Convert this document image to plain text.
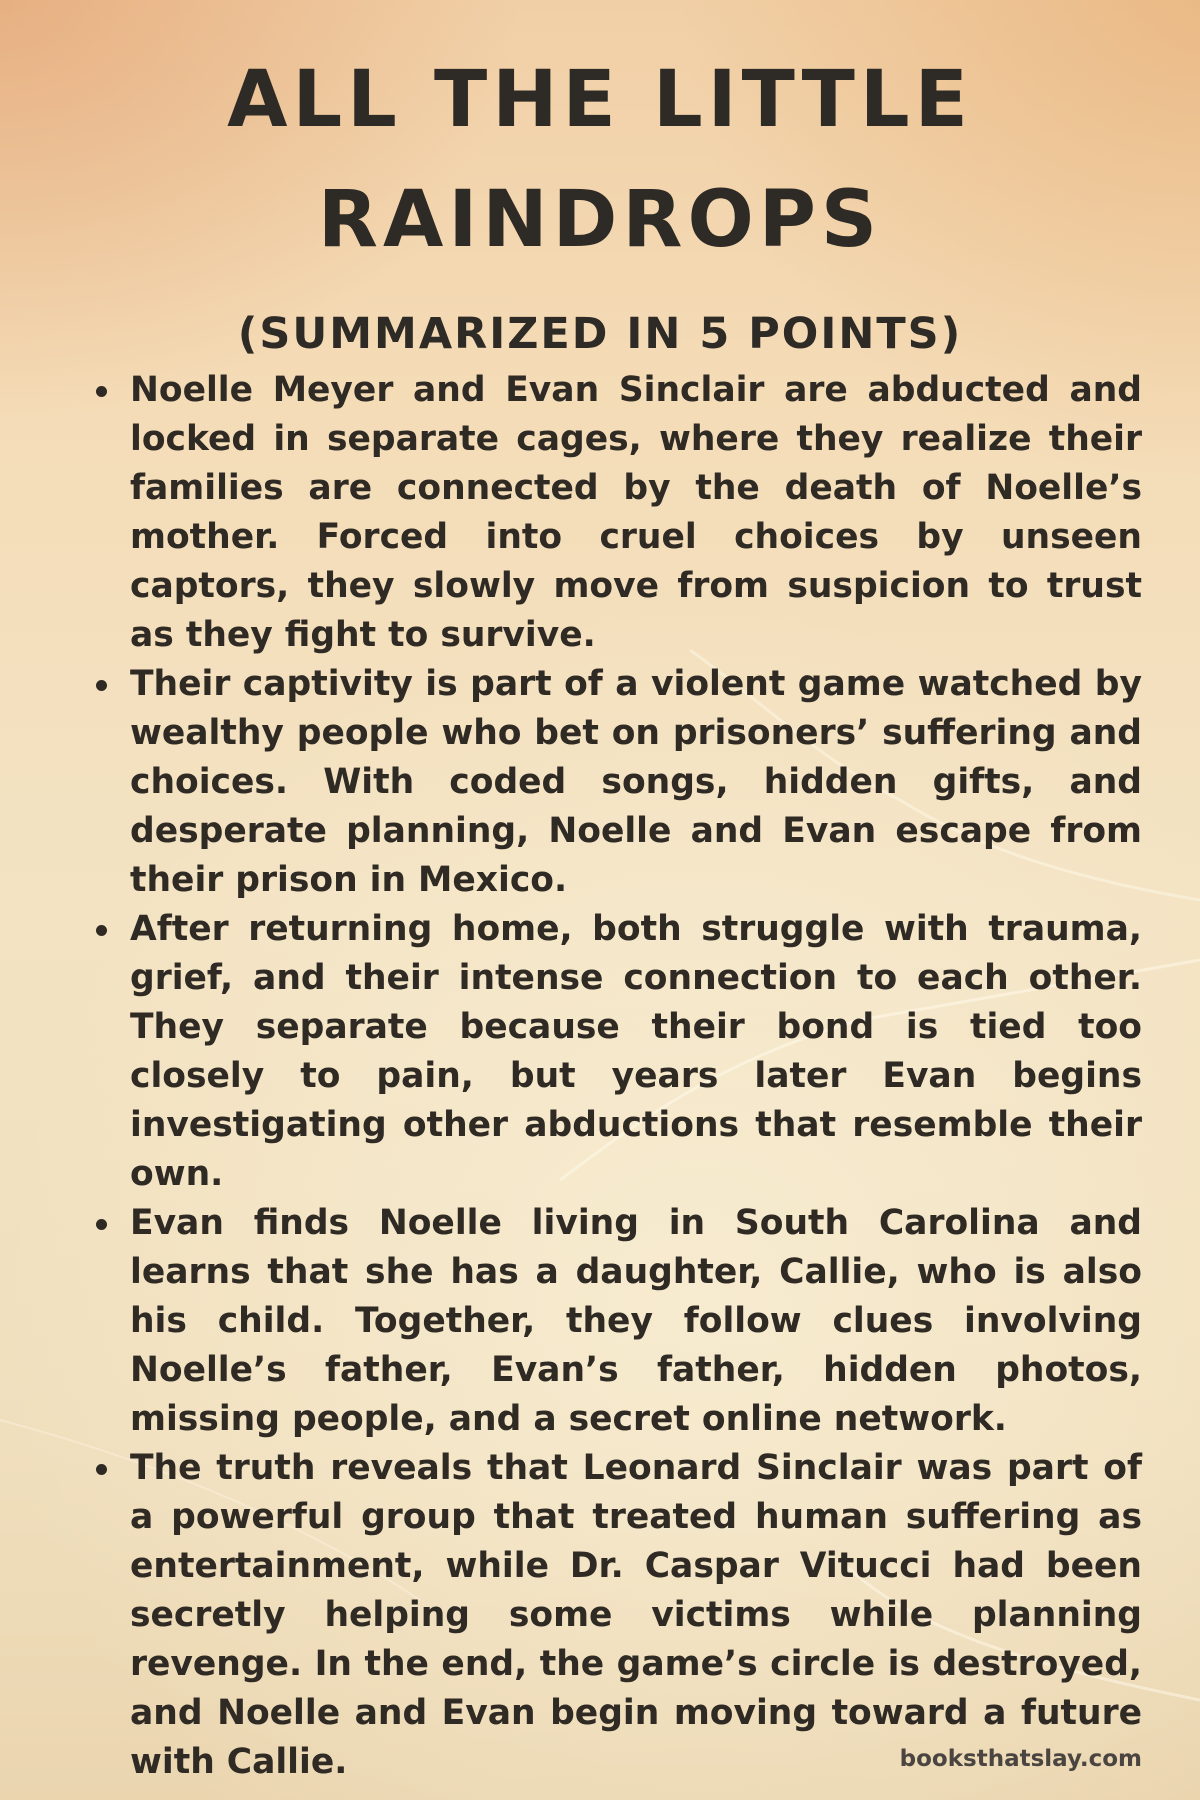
ALL THE LITTLE RAINDROPS
(SUMMARIZED IN 5 POINTS)
Noelle Meyer and Evan Sinclair are abducted and locked in separate cages, where they realize their families are connected by the death of Noelle’s mother. Forced into cruel choices by unseen captors, they slowly move from suspicion to trust as they fight to survive.
Their captivity is part of a violent game watched by wealthy people who bet on prisoners’ suffering and choices. With coded songs, hidden gifts, and desperate planning, Noelle and Evan escape from their prison in Mexico.
After returning home, both struggle with trauma, grief, and their intense connection to each other. They separate because their bond is tied too closely to pain, but years later Evan begins investigating other abductions that resemble their own.
Evan finds Noelle living in South Carolina and learns that she has a daughter, Callie, who is also his child. Together, they follow clues involving Noelle’s father, Evan’s father, hidden photos, missing people, and a secret online network.
The truth reveals that Leonard Sinclair was part of a powerful group that treated human suffering as entertainment, while Dr. Caspar Vitucci had been secretly helping some victims while planning revenge. In the end, the game’s circle is destroyed, and Noelle and Evan begin moving toward a future with Callie.	booksthatslay.com
